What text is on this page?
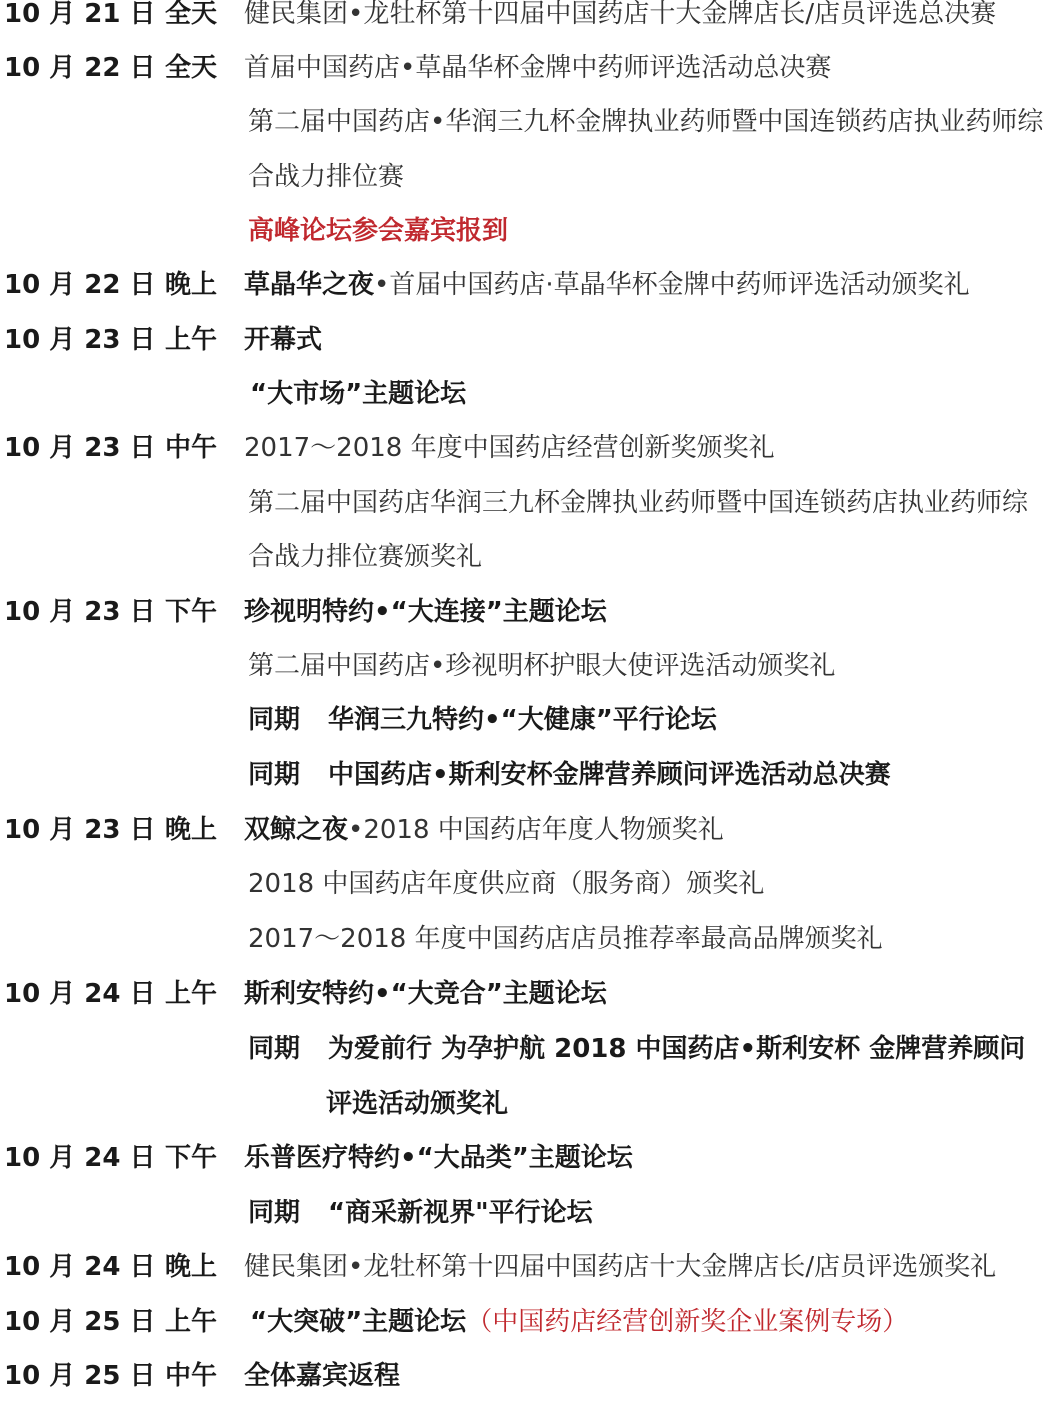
10 月 21 日 全天 健民集团•龙牡杯第十四届中国药店十大金牌店长/店员评选总决赛
10 月 22 日 全天 首届中国药店•草晶华杯金牌中药师评选活动总决赛
第二届中国药店•华润三九杯金牌执业药师暨中国连锁药店执业药师综
合战力排位赛
高峰论坛参会嘉宾报到
10 月 22 日 晚上 草晶华之夜•首届中国药店·草晶华杯金牌中药师评选活动颁奖礼
10 月 23 日 上午 开幕式
“大市场”主题论坛
10 月 23 日 中午 2017～2018 年度中国药店经营创新奖颁奖礼
第二届中国药店华润三九杯金牌执业药师暨中国连锁药店执业药师综
合战力排位赛颁奖礼
10 月 23 日 下午 珍视明特约•“大连接”主题论坛
第二届中国药店•珍视明杯护眼大使评选活动颁奖礼
同期 华润三九特约•“大健康”平行论坛
同期 中国药店•斯利安杯金牌营养顾问评选活动总决赛
10 月 23 日 晚上 双鲸之夜•2018 中国药店年度人物颁奖礼
2018 中国药店年度供应商（服务商）颁奖礼
2017～2018 年度中国药店店员推荐率最高品牌颁奖礼
10 月 24 日 上午 斯利安特约•“大竞合”主题论坛
同期 为爱前行 为孕护航 2018 中国药店•斯利安杯 金牌营养顾问
评选活动颁奖礼
10 月 24 日 下午 乐普医疗特约•“大品类”主题论坛
同期 “商采新视界"平行论坛
10 月 24 日 晚上 健民集团•龙牡杯第十四届中国药店十大金牌店长/店员评选颁奖礼
10 月 25 日 上午 “大突破”主题论坛（中国药店经营创新奖企业案例专场）
10 月 25 日 中午 全体嘉宾返程
